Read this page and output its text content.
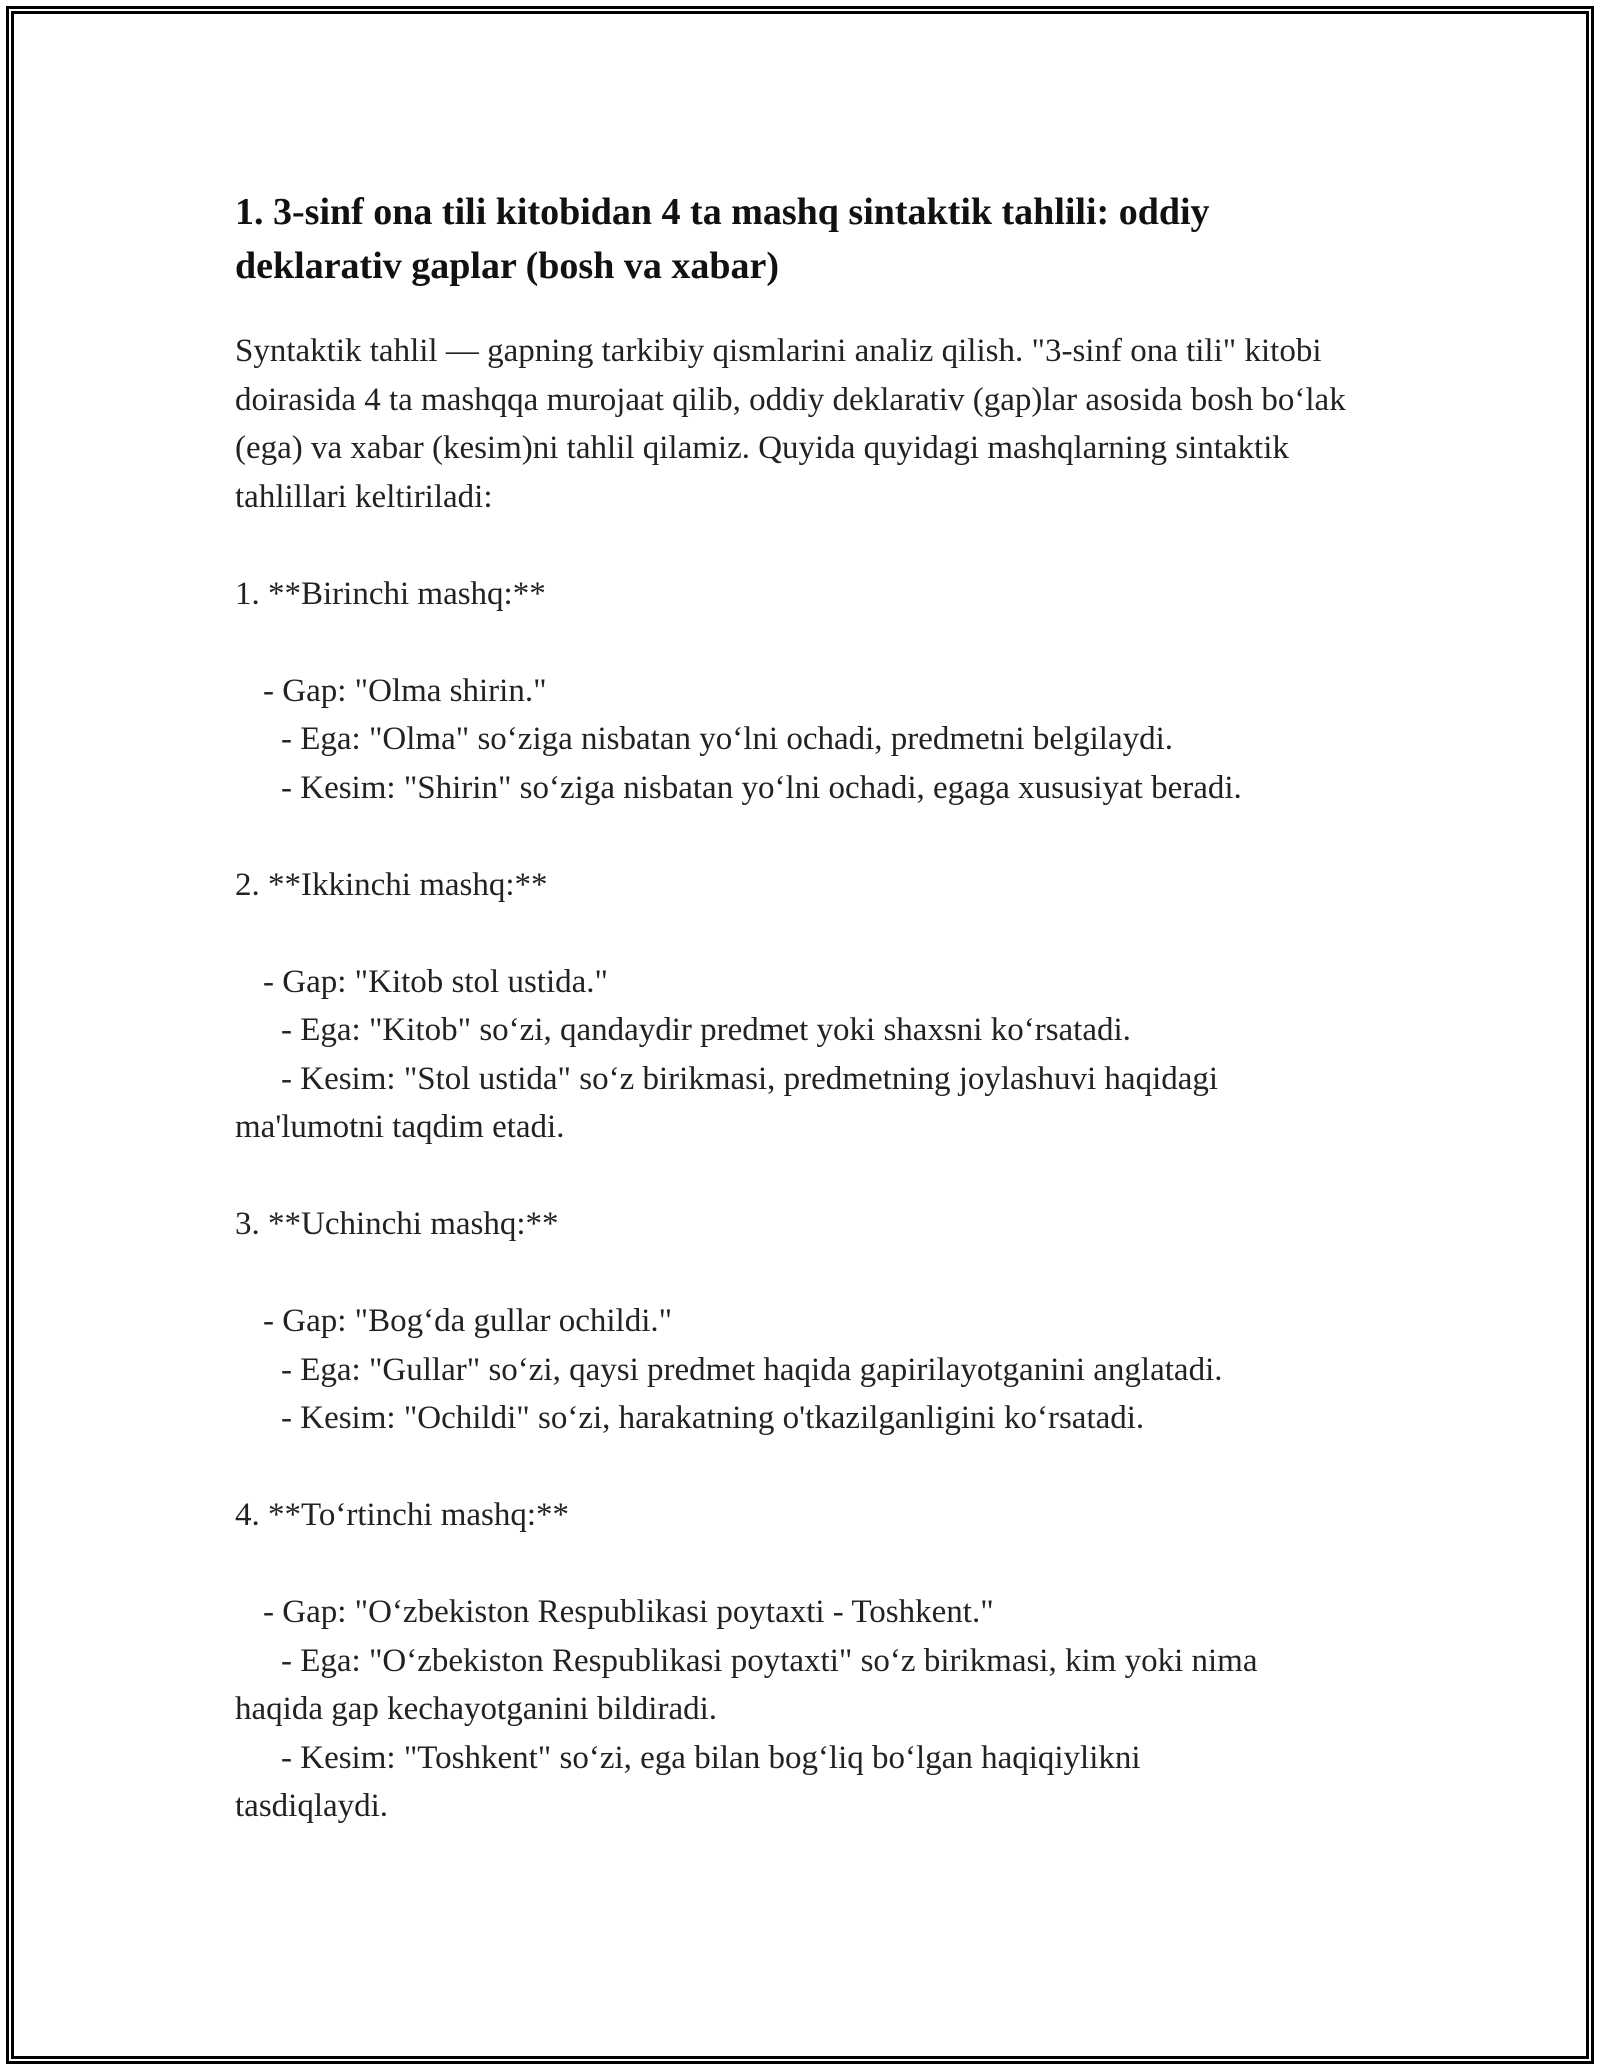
1. 3-sinf ona tili kitobidan 4 ta mashq sintaktik tahlili: oddiy deklarativ gaplar (bosh va xabar)

Syntaktik tahlil — gapning tarkibiy qismlarini analiz qilish. "3-sinf ona tili" kitobi doirasida 4 ta mashqqa murojaat qilib, oddiy deklarativ (gap)lar asosida bosh bo‘lak (ega) va xabar (kesim)ni tahlil qilamiz. Quyida quyidagi mashqlarning sintaktik tahlillari keltiriladi:

1. **Birinchi mashq:**
- Gap: "Olma shirin."
- Ega: "Olma" so‘ziga nisbatan yo‘lni ochadi, predmetni belgilaydi.
- Kesim: "Shirin" so‘ziga nisbatan yo‘lni ochadi, egaga xususiyat beradi.
2. **Ikkinchi mashq:**
- Gap: "Kitob stol ustida."
- Ega: "Kitob" so‘zi, qandaydir predmet yoki shaxsni ko‘rsatadi.
- Kesim: "Stol ustida" so‘z birikmasi, predmetning joylashuvi haqidagi
ma'lumotni taqdim etadi.
3. **Uchinchi mashq:**
- Gap: "Bog‘da gullar ochildi."
- Ega: "Gullar" so‘zi, qaysi predmet haqida gapirilayotganini anglatadi.
- Kesim: "Ochildi" so‘zi, harakatning o'tkazilganligini ko‘rsatadi.
4. **To‘rtinchi mashq:**
- Gap: "O‘zbekiston Respublikasi poytaxti - Toshkent."
- Ega: "O‘zbekiston Respublikasi poytaxti" so‘z birikmasi, kim yoki nima
haqida gap kechayotganini bildiradi.
- Kesim: "Toshkent" so‘zi, ega bilan bog‘liq bo‘lgan haqiqiylikni
tasdiqlaydi.
